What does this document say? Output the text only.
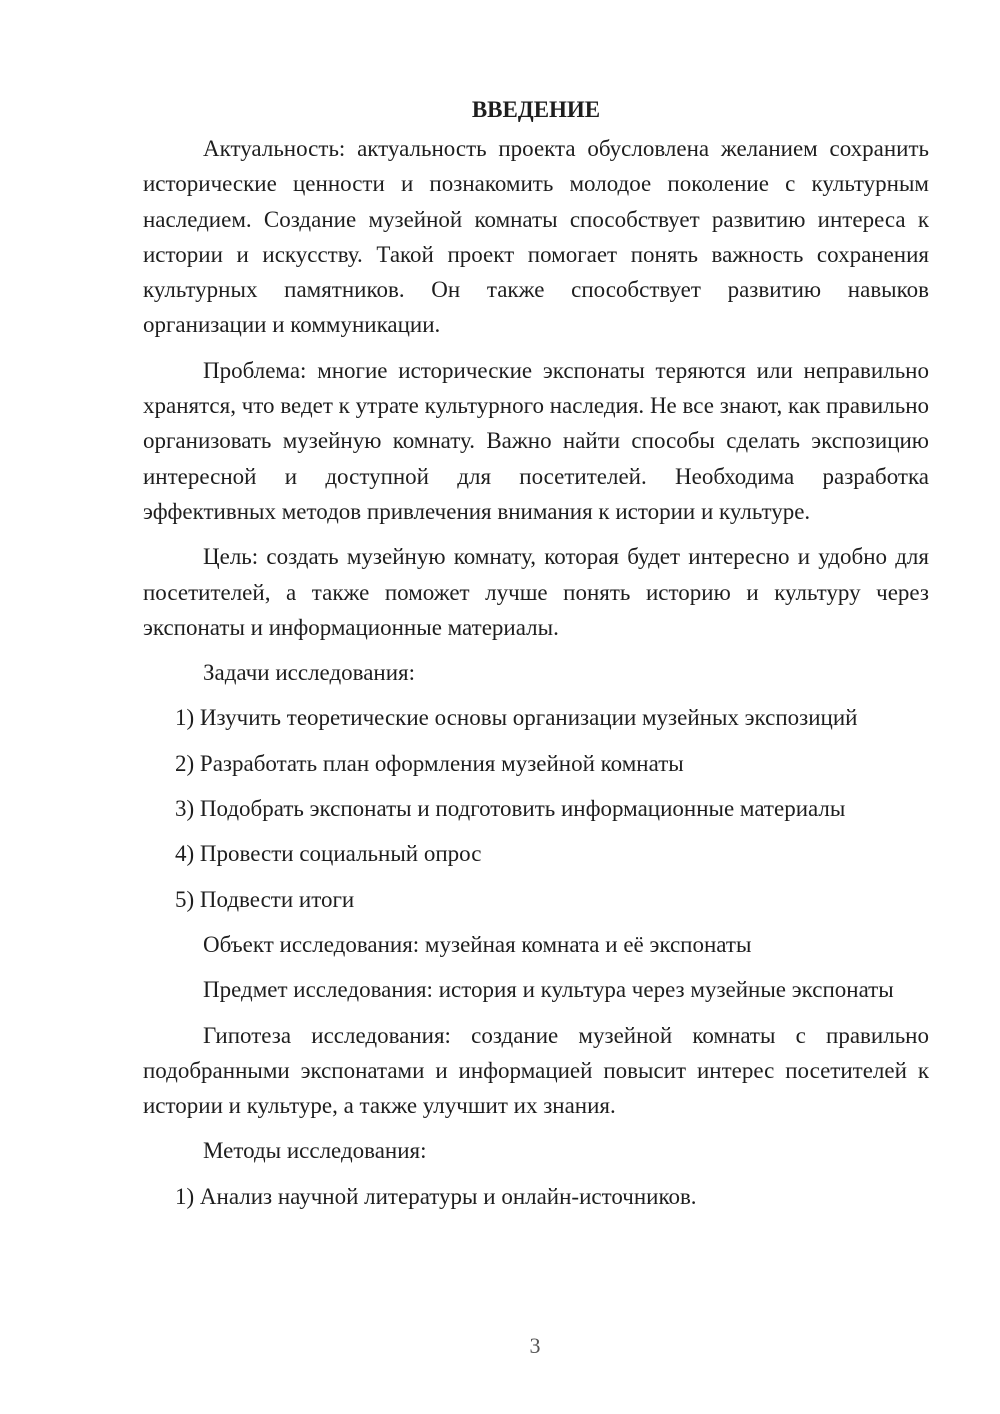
ВВЕДЕНИЕ

Актуальность: актуальность проекта обусловлена желанием сохранить исторические ценности и познакомить молодое поколение с культурным наследием. Создание музейной комнаты способствует развитию интереса к истории и искусству. Такой проект помогает понять важность сохранения культурных памятников. Он также способствует развитию навыков организации и коммуникации.

Проблема: многие исторические экспонаты теряются или неправильно хранятся, что ведет к утрате культурного наследия. Не все знают, как правильно организовать музейную комнату. Важно найти способы сделать экспозицию интересной и доступной для посетителей. Необходима разработка эффективных методов привлечения внимания к истории и культуре.

Цель: создать музейную комнату, которая будет интересно и удобно для посетителей, а также поможет лучше понять историю и культуру через экспонаты и информационные материалы.

Задачи исследования:
1) Изучить теоретические основы организации музейных экспозиций
2) Разработать план оформления музейной комнаты
3) Подобрать экспонаты и подготовить информационные материалы
4) Провести социальный опрос
5) Подвести итоги
Объект исследования: музейная комната и её экспонаты

Предмет исследования: история и культура через музейные экспонаты

Гипотеза исследования: создание музейной комнаты с правильно подобранными экспонатами и информацией повысит интерес посетителей к истории и культуре, а также улучшит их знания.

Методы исследования:
1) Анализ научной литературы и онлайн-источников.
3
